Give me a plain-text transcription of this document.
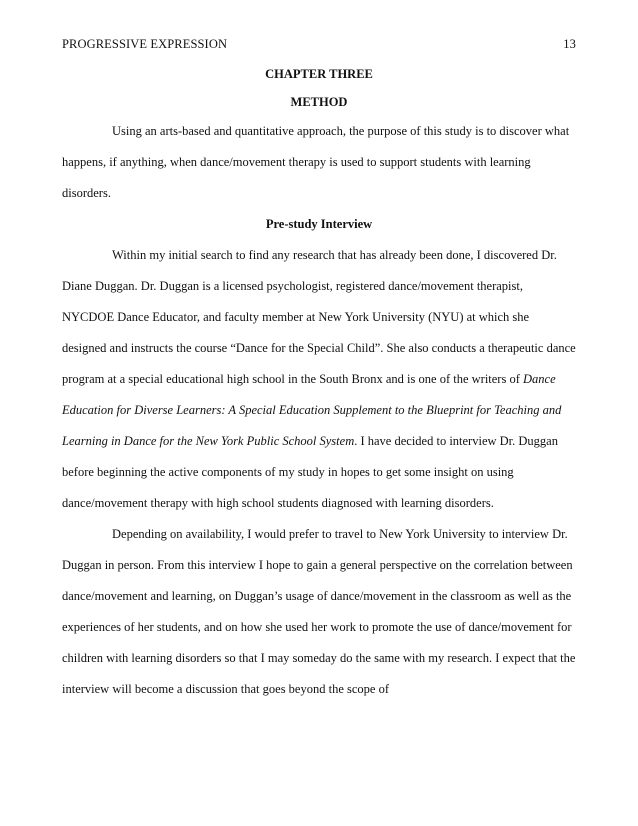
PROGRESSIVE EXPRESSION	13
CHAPTER THREE
METHOD

Using an arts-based and quantitative approach, the purpose of this study is to discover what happens, if anything, when dance/movement therapy is used to support students with learning disorders.

Pre-study Interview

Within my initial search to find any research that has already been done, I discovered Dr. Diane Duggan. Dr. Duggan is a licensed psychologist, registered dance/movement therapist, NYCDOE Dance Educator, and faculty member at New York University (NYU) at which she designed and instructs the course “Dance for the Special Child”. She also conducts a therapeutic dance program at a special educational high school in the South Bronx and is one of the writers of Dance Education for Diverse Learners: A Special Education Supplement to the Blueprint for Teaching and Learning in Dance for the New York Public School System. I have decided to interview Dr. Duggan before beginning the active components of my study in hopes to get some insight on using dance/movement therapy with high school students diagnosed with learning disorders.

Depending on availability, I would prefer to travel to New York University to interview Dr. Duggan in person. From this interview I hope to gain a general perspective on the correlation between dance/movement and learning, on Duggan’s usage of dance/movement in the classroom as well as the experiences of her students, and on how she used her work to promote the use of dance/movement for children with learning disorders so that I may someday do the same with my research. I expect that the interview will become a discussion that goes beyond the scope of
